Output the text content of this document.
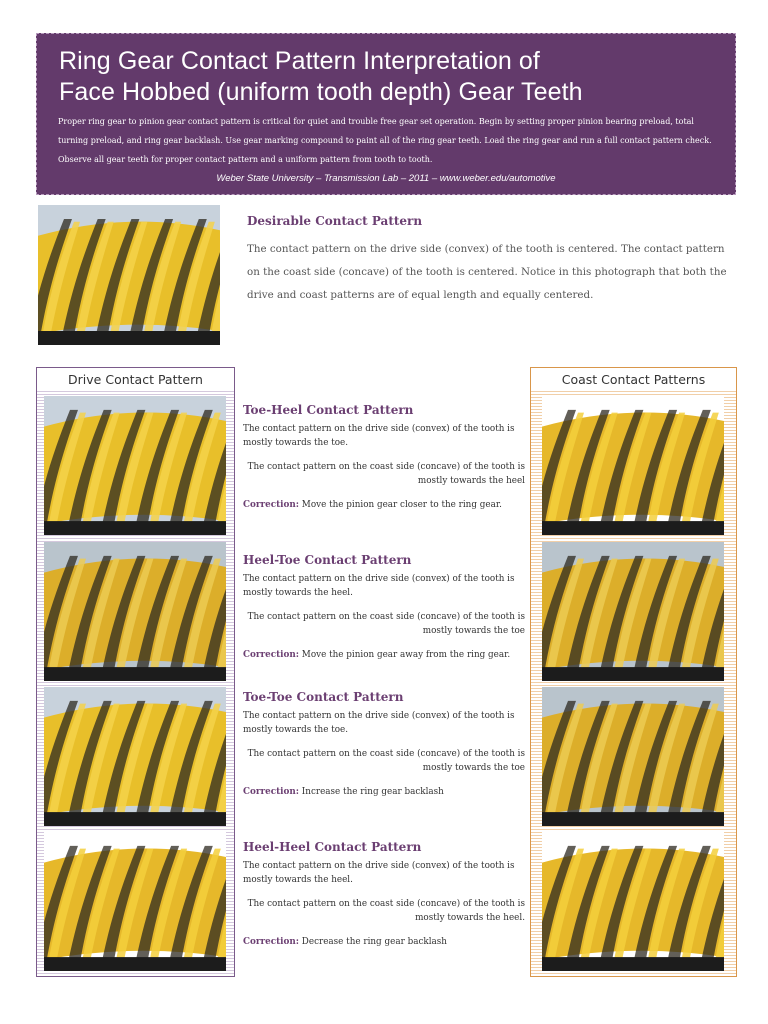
Ring Gear Contact Pattern Interpretation of
Face Hobbed (uniform tooth depth) Gear Teeth
Proper ring gear to pinion gear contact pattern is critical for quiet and trouble free gear set operation. Begin by setting proper pinion bearing preload, total turning preload, and ring gear backlash. Use gear marking compound to paint all of the ring gear teeth. Load the ring gear and run a full contact pattern check. Observe all gear teeth for proper contact pattern and a uniform pattern from tooth to tooth.
Weber State University – Transmission Lab – 2011 – www.weber.edu/automotive
Desirable Contact Pattern
The contact pattern on the drive side (convex) of the tooth is centered. The contact pattern on the coast side (concave) of the tooth is centered. Notice in this photograph that both the drive and coast patterns are of equal length and equally centered.
Drive Contact Pattern	Coast Contact Patterns
Toe-Heel Contact Pattern

The contact pattern on the drive side (convex) of the tooth is mostly towards the toe.

The contact pattern on the coast side (concave) of the tooth is mostly towards the heel

Correction: Move the pinion gear closer to the ring gear.

Heel-Toe Contact Pattern

The contact pattern on the drive side (convex) of the tooth is mostly towards the heel.

The contact pattern on the coast side (concave) of the tooth is mostly towards the toe

Correction: Move the pinion gear away from the ring gear.

Toe-Toe Contact Pattern

The contact pattern on the drive side (convex) of the tooth is mostly towards the toe.

The contact pattern on the coast side (concave) of the tooth is mostly towards the toe

Correction: Increase the ring gear backlash

Heel-Heel Contact Pattern

The contact pattern on the drive side (convex) of the tooth is mostly towards the heel.

The contact pattern on the coast side (concave) of the tooth is mostly towards the heel.

Correction: Decrease the ring gear backlash
